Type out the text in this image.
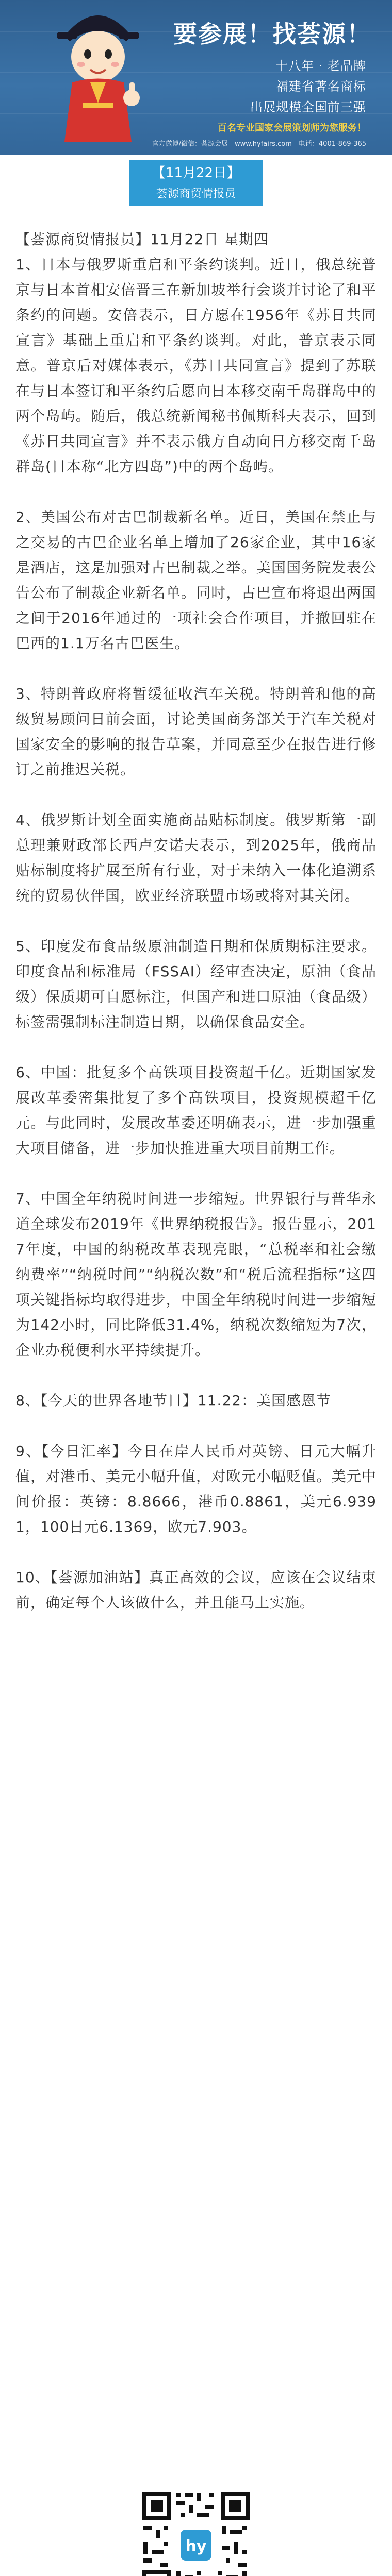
要参展！找荟源！
十八年 · 老品牌
福建省著名商标
出展规模全国前三强
百名专业国家会展策划师为您服务！
官方微博/微信：荟源会展　www.hyfairs.com　电话：4001-869-365
【11月22日】
荟源商贸情报员

【荟源商贸情报员】11月22日 星期四

1、日本与俄罗斯重启和平条约谈判。近日，俄总统普京与日本首相安倍晋三在新加坡举行会谈并讨论了和平条约的问题。安倍表示，日方愿在1956年《苏日共同宣言》基础上重启和平条约谈判。对此，普京表示同意。普京后对媒体表示，《苏日共同宣言》提到了苏联在与日本签订和平条约后愿向日本移交南千岛群岛中的两个岛屿。随后，俄总统新闻秘书佩斯科夫表示，回到《苏日共同宣言》并不表示俄方自动向日方移交南千岛群岛(日本称“北方四岛”)中的两个岛屿。

2、美国公布对古巴制裁新名单。近日，美国在禁止与之交易的古巴企业名单上增加了26家企业，其中16家是酒店，这是加强对古巴制裁之举。美国国务院发表公告公布了制裁企业新名单。同时，古巴宣布将退出两国之间于2016年通过的一项社会合作项目，并撤回驻在巴西的1.1万名古巴医生。

3、特朗普政府将暂缓征收汽车关税。特朗普和他的高级贸易顾问日前会面，讨论美国商务部关于汽车关税对国家安全的影响的报告草案，并同意至少在报告进行修订之前推迟关税。

4、俄罗斯计划全面实施商品贴标制度。俄罗斯第一副总理兼财政部长西卢安诺夫表示，到2025年，俄商品贴标制度将扩展至所有行业，对于未纳入一体化追溯系统的贸易伙伴国，欧亚经济联盟市场或将对其关闭。

5、印度发布食品级原油制造日期和保质期标注要求。印度食品和标准局（FSSAI）经审查决定，原油（食品级）保质期可自愿标注，但国产和进口原油（食品级）标签需强制标注制造日期，以确保食品安全。

6、中国：批复多个高铁项目投资超千亿。近期国家发展改革委密集批复了多个高铁项目，投资规模超千亿元。与此同时，发展改革委还明确表示，进一步加强重大项目储备，进一步加快推进重大项目前期工作。

7、中国全年纳税时间进一步缩短。世界银行与普华永道全球发布2019年《世界纳税报告》。报告显示，2017年度，中国的纳税改革表现亮眼，“总税率和社会缴纳费率”“纳税时间”“纳税次数”和“税后流程指标”这四项关键指标均取得进步，中国全年纳税时间进一步缩短为142小时，同比降低31.4%，纳税次数缩短为7次，企业办税便利水平持续提升。

8、【今天的世界各地节日】11.22：美国感恩节

9、【今日汇率】今日在岸人民币对英镑、日元大幅升值，对港币、美元小幅升值，对欧元小幅贬值。美元中间价报：英镑：8.8666，港币0.8861，美元6.9391，100日元6.1369，欧元7.903。

10、【荟源加油站】真正高效的会议，应该在会议结束前，确定每个人该做什么，并且能马上实施。

hy
